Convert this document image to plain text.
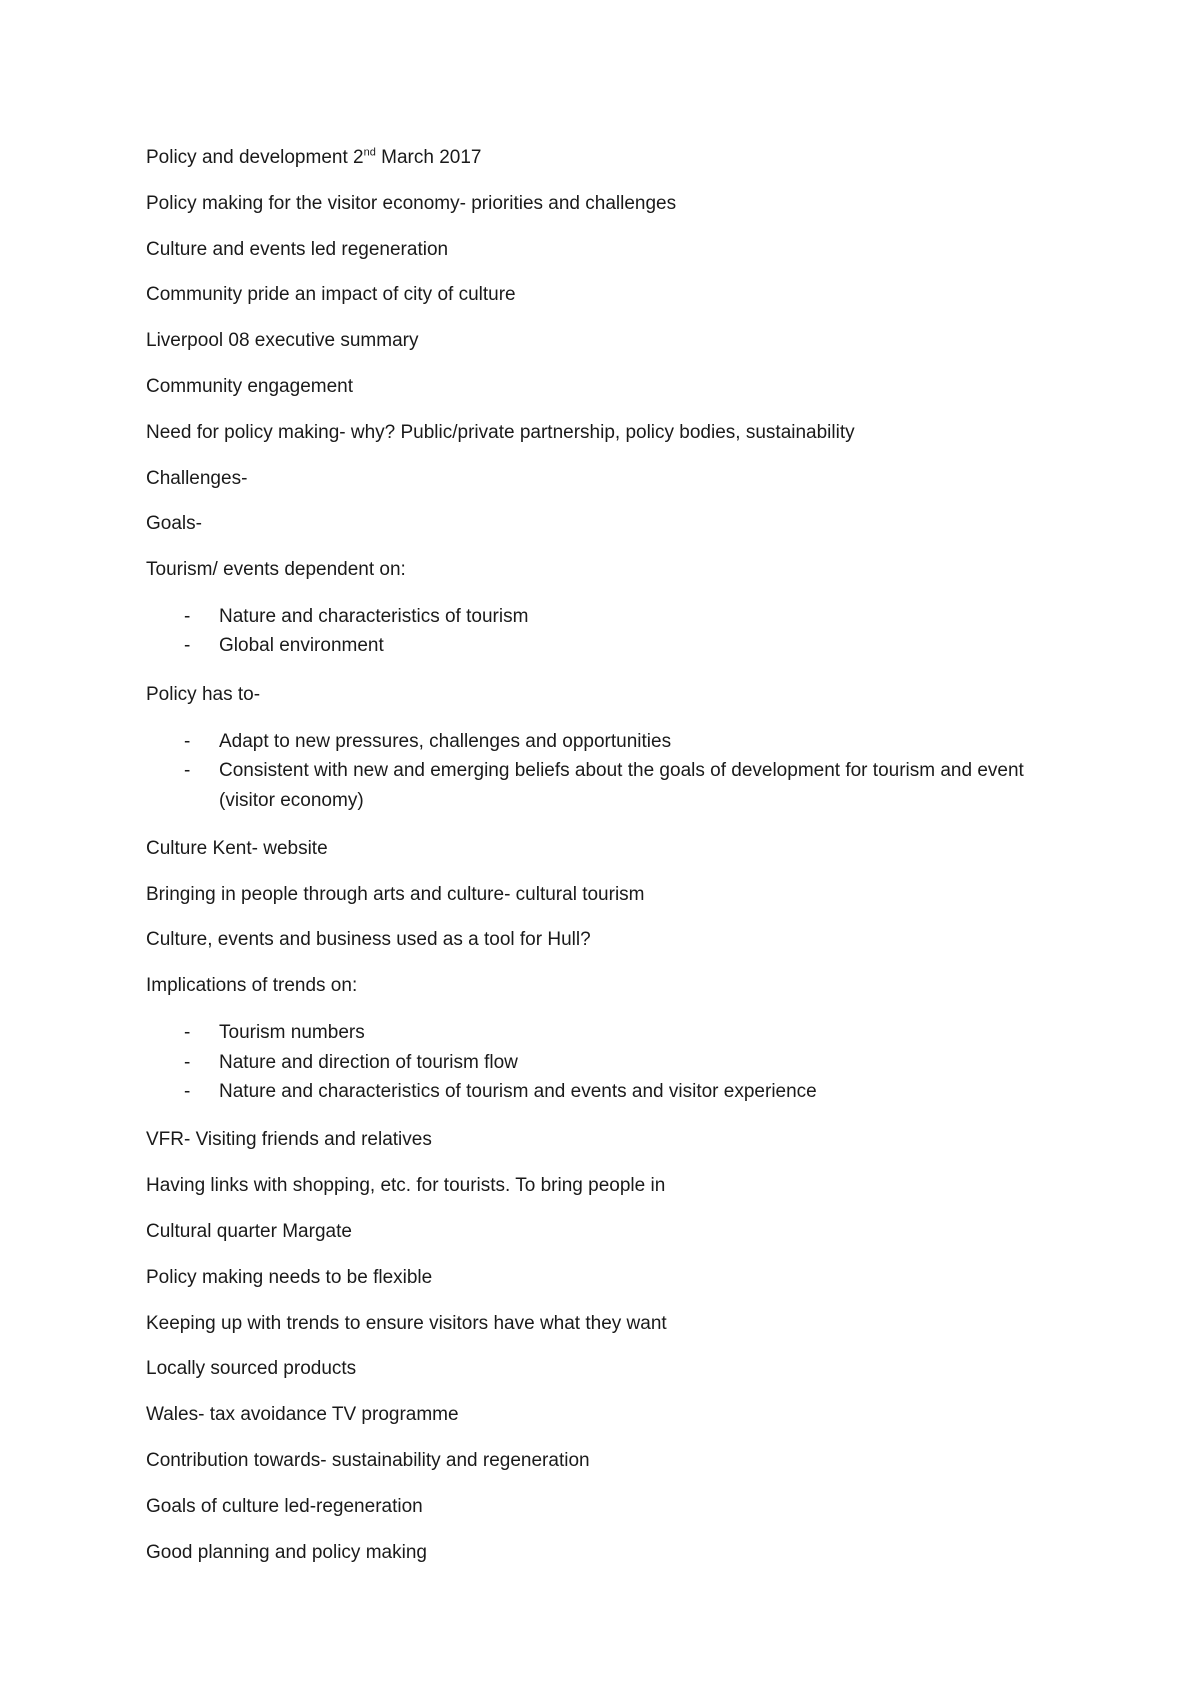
Policy and development 2nd March 2017
Policy making for the visitor economy- priorities and challenges
Culture and events led regeneration
Community pride an impact of city of culture
Liverpool 08 executive summary
Community engagement
Need for policy making- why? Public/private partnership, policy bodies, sustainability
Challenges-
Goals-
Tourism/ events dependent on:
- Nature and characteristics of tourism
- Global environment
Policy has to-
- Adapt to new pressures, challenges and opportunities
- Consistent with new and emerging beliefs about the goals of development for tourism and event (visitor economy)
Culture Kent- website
Bringing in people through arts and culture- cultural tourism
Culture, events and business used as a tool for Hull?
Implications of trends on:
- Tourism numbers
- Nature and direction of tourism flow
- Nature and characteristics of tourism and events and visitor experience
VFR- Visiting friends and relatives
Having links with shopping, etc. for tourists. To bring people in
Cultural quarter Margate
Policy making needs to be flexible
Keeping up with trends to ensure visitors have what they want
Locally sourced products
Wales- tax avoidance TV programme
Contribution towards- sustainability and regeneration
Goals of culture led-regeneration
Good planning and policy making
